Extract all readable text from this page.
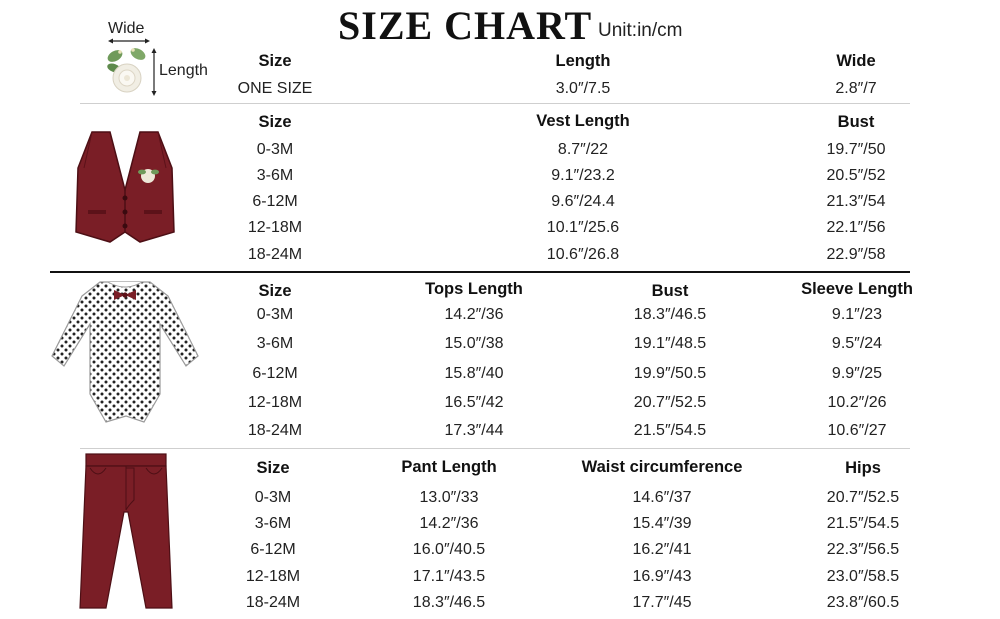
SIZE CHART Unit:in/cm
Wide
Length
Size	Length	Wide
ONE SIZE	3.0″/7.5	2.8″/7
Size	Vest Length	Bust
0-3M	8.7″/22	19.7″/50
3-6M	9.1″/23.2	20.5″/52
6-12M	9.6″/24.4	21.3″/54
12-18M	10.1″/25.6	22.1″/56
18-24M	10.6″/26.8	22.9″/58
Size	Tops Length	Bust	Sleeve Length
0-3M	14.2″/36	18.3″/46.5	9.1″/23
3-6M	15.0″/38	19.1″/48.5	9.5″/24
6-12M	15.8″/40	19.9″/50.5	9.9″/25
12-18M	16.5″/42	20.7″/52.5	10.2″/26
18-24M	17.3″/44	21.5″/54.5	10.6″/27
Size	Pant Length	Waist circumference	Hips
0-3M	13.0″/33	14.6″/37	20.7″/52.5
3-6M	14.2″/36	15.4″/39	21.5″/54.5
6-12M	16.0″/40.5	16.2″/41	22.3″/56.5
12-18M	17.1″/43.5	16.9″/43	23.0″/58.5
18-24M	18.3″/46.5	17.7″/45	23.8″/60.5
